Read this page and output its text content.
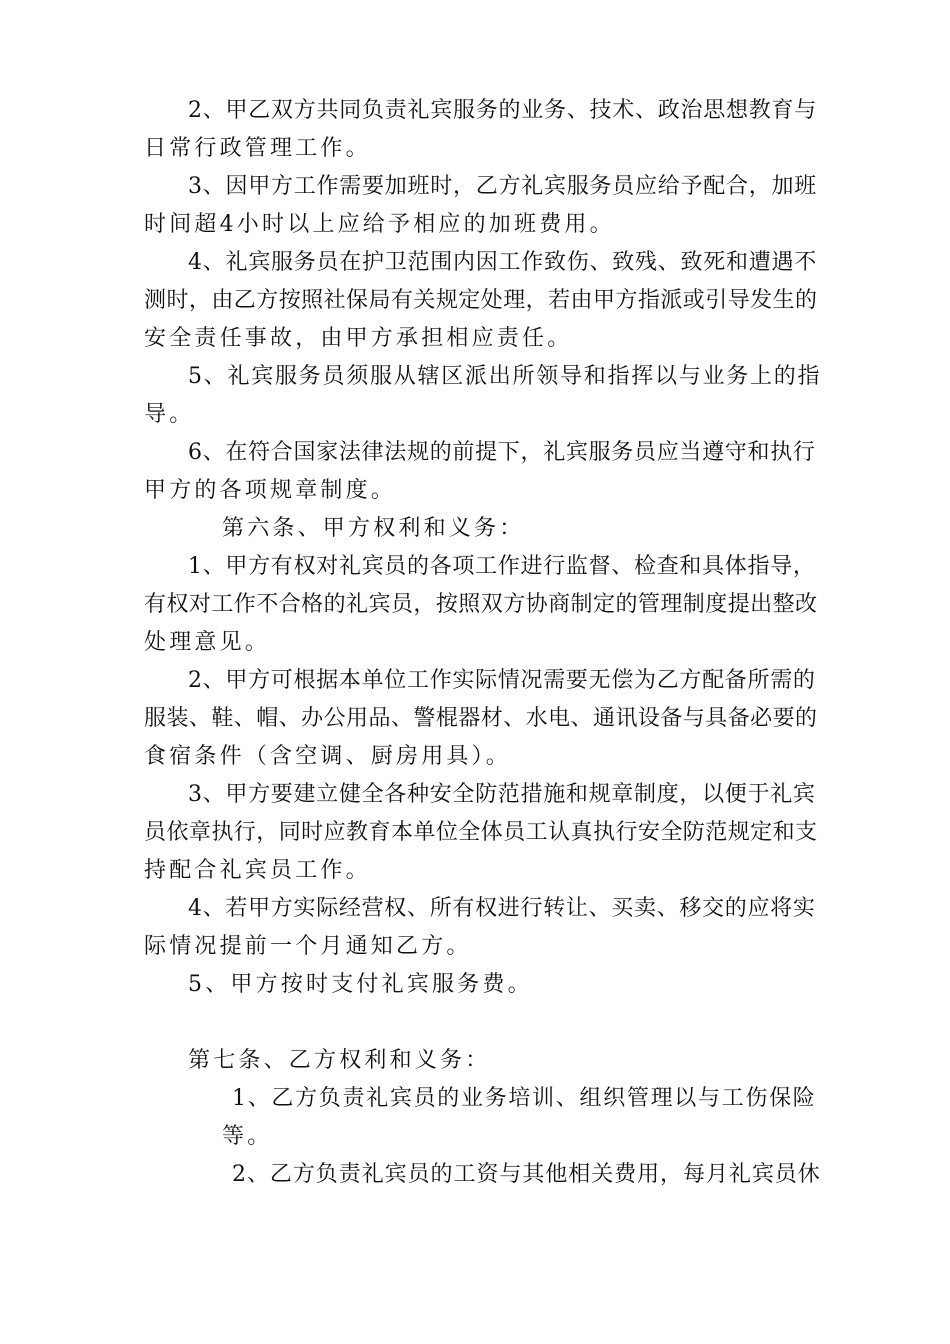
2、甲乙双方共同负责礼宾服务的业务、技术、政治思想教育与
日常行政管理工作。
3、因甲方工作需要加班时，乙方礼宾服务员应给予配合，加班
时间超4小时以上应给予相应的加班费用。
4、礼宾服务员在护卫范围内因工作致伤、致残、致死和遭遇不
测时，由乙方按照社保局有关规定处理，若由甲方指派或引导发生的
安全责任事故，由甲方承担相应责任。
5、礼宾服务员须服从辖区派出所领导和指挥以与业务上的指
导。
6、在符合国家法律法规的前提下，礼宾服务员应当遵守和执行
甲方的各项规章制度。
第六条、甲方权利和义务：
1、甲方有权对礼宾员的各项工作进行监督、检查和具体指导，
有权对工作不合格的礼宾员，按照双方协商制定的管理制度提出整改
处理意见。
2、甲方可根据本单位工作实际情况需要无偿为乙方配备所需的
服装、鞋、帽、办公用品、警棍器材、水电、通讯设备与具备必要的
食宿条件（含空调、厨房用具）。
3、甲方要建立健全各种安全防范措施和规章制度，以便于礼宾
员依章执行，同时应教育本单位全体员工认真执行安全防范规定和支
持配合礼宾员工作。
4、若甲方实际经营权、所有权进行转让、买卖、移交的应将实
际情况提前一个月通知乙方。
5、甲方按时支付礼宾服务费。
第七条、乙方权利和义务：
1、乙方负责礼宾员的业务培训、组织管理以与工伤保险
等。
2、乙方负责礼宾员的工资与其他相关费用，每月礼宾员休
